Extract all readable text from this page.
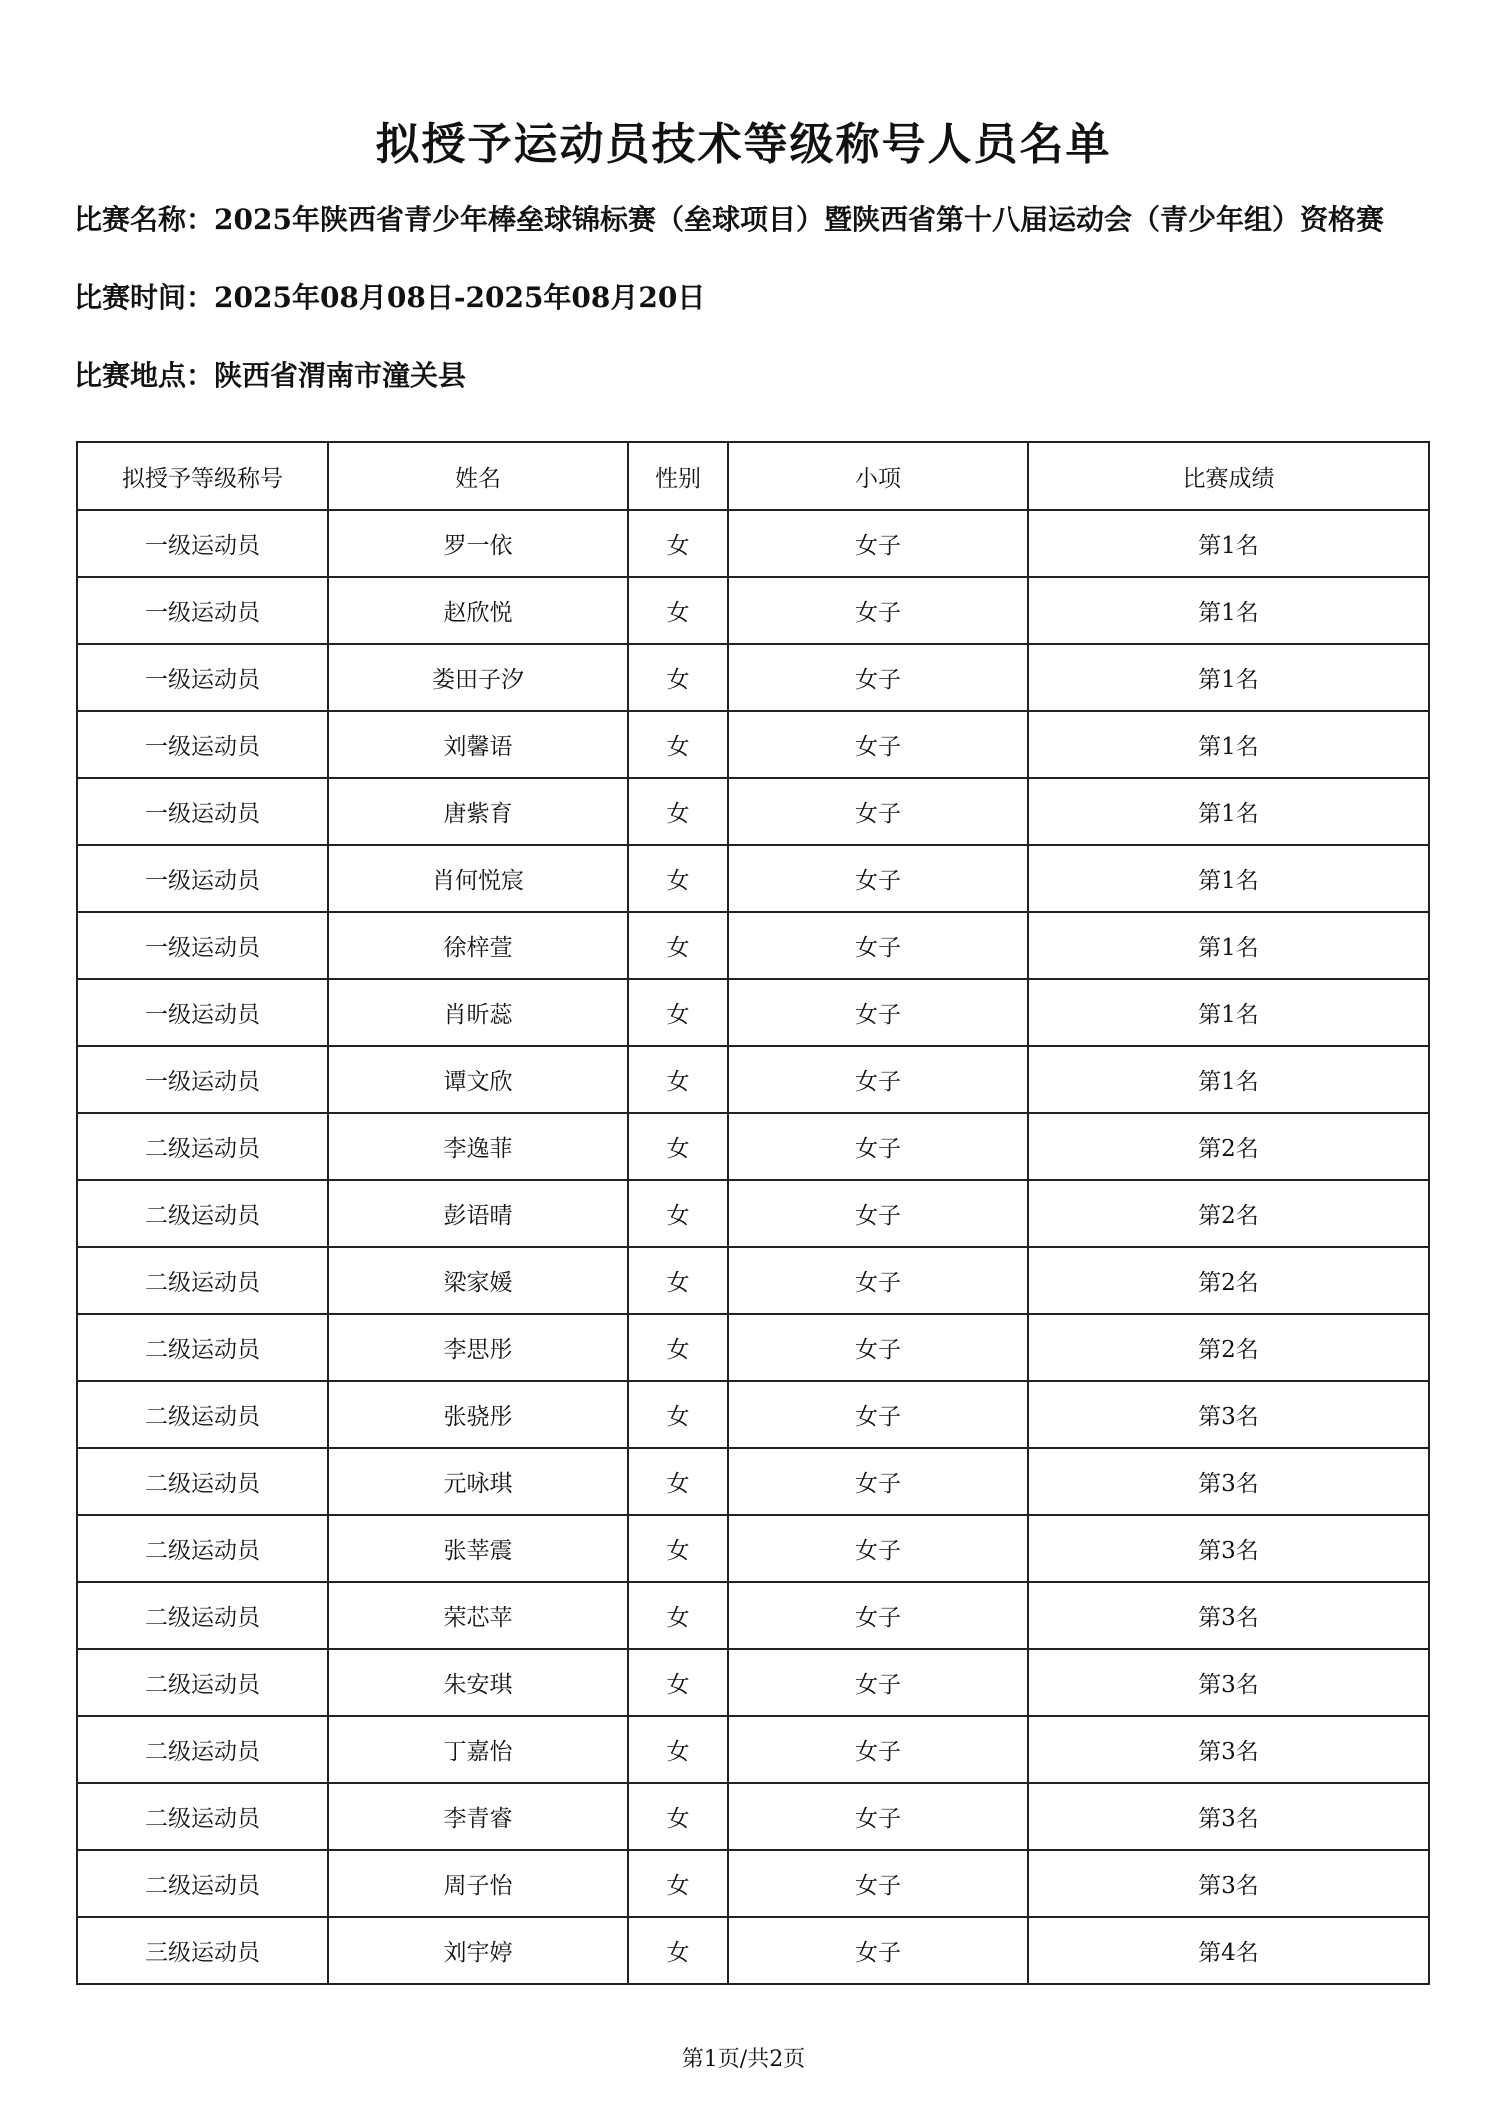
拟授予运动员技术等级称号人员名单
比赛名称：2025年陕西省青少年棒垒球锦标赛（垒球项目）暨陕西省第十八届运动会（青少年组）资格赛
比赛时间：2025年08月08日-2025年08月20日
比赛地点：陕西省渭南市潼关县
拟授予等级称号	姓名	性别	小项	比赛成绩
一级运动员	罗一依	女	女子	第1名
一级运动员	赵欣悦	女	女子	第1名
一级运动员	娄田子汐	女	女子	第1名
一级运动员	刘馨语	女	女子	第1名
一级运动员	唐紫育	女	女子	第1名
一级运动员	肖何悦宸	女	女子	第1名
一级运动员	徐梓萱	女	女子	第1名
一级运动员	肖昕蕊	女	女子	第1名
一级运动员	谭文欣	女	女子	第1名
二级运动员	李逸菲	女	女子	第2名
二级运动员	彭语晴	女	女子	第2名
二级运动员	梁家媛	女	女子	第2名
二级运动员	李思彤	女	女子	第2名
二级运动员	张骁彤	女	女子	第3名
二级运动员	元咏琪	女	女子	第3名
二级运动员	张莘震	女	女子	第3名
二级运动员	荣芯苹	女	女子	第3名
二级运动员	朱安琪	女	女子	第3名
二级运动员	丁嘉怡	女	女子	第3名
二级运动员	李青睿	女	女子	第3名
二级运动员	周子怡	女	女子	第3名
三级运动员	刘宇婷	女	女子	第4名
第1页/共2页
